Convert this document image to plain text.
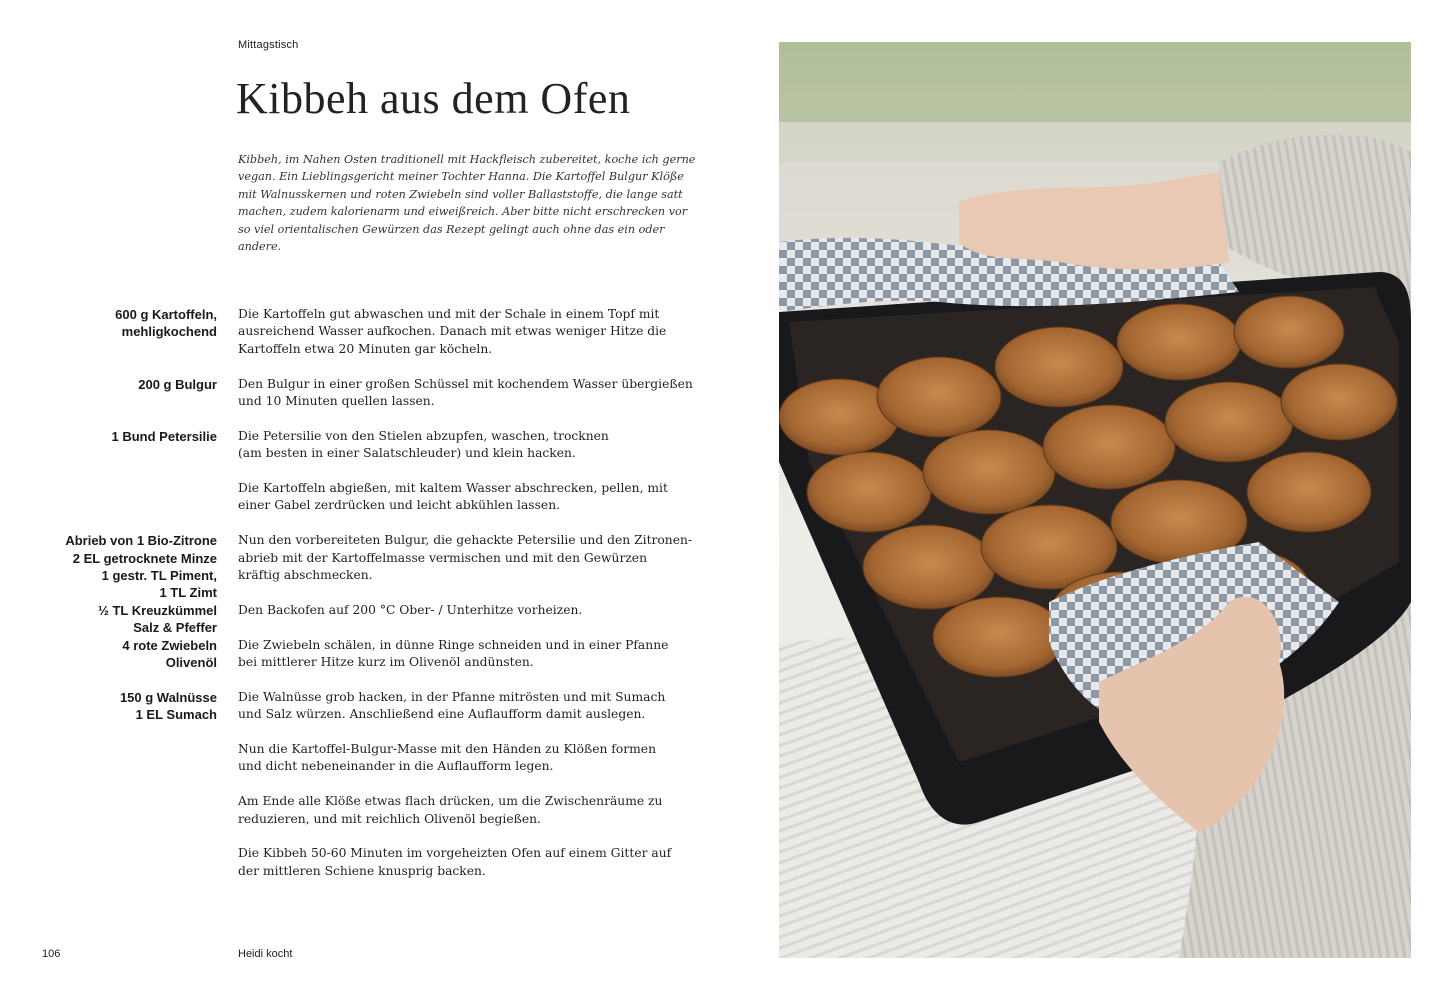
Mittagstisch
Kibbeh aus dem Ofen
Kibbeh, im Nahen Osten traditionell mit Hackfleisch zubereitet, koche ich gerne
vegan. Ein Lieblingsgericht meiner Tochter Hanna. Die Kartoffel Bulgur Klöße
mit Walnusskernen und roten Zwiebeln sind voller Ballaststoffe, die lange satt
machen, zudem kalorienarm und eiweißreich. Aber bitte nicht erschrecken vor
so viel orientalischen Gewürzen das Rezept gelingt auch ohne das ein oder
andere.
600 g Kartoffeln,
mehligkochend
Die Kartoffeln gut abwaschen und mit der Schale in einem Topf mit
ausreichend Wasser aufkochen. Danach mit etwas weniger Hitze die
Kartoffeln etwa 20 Minuten gar köcheln.
200 g Bulgur Den Bulgur in einer großen Schüssel mit kochendem Wasser übergießen
und 10 Minuten quellen lassen.
1 Bund Petersilie Die Petersilie von den Stielen abzupfen, waschen, trocknen
(am besten in einer Salatschleuder) und klein hacken.
Die Kartoffeln abgießen, mit kaltem Wasser abschrecken, pellen, mit
einer Gabel zerdrücken und leicht abkühlen lassen.
Abrieb von 1 Bio-Zitrone
2 EL getrocknete Minze
1 gestr. TL Piment,
1 TL Zimt
½ TL Kreuzkümmel
Salz & Pfeffer
Nun den vorbereiteten Bulgur, die gehackte Petersilie und den Zitronen-
abrieb mit der Kartoffelmasse vermischen und mit den Gewürzen
kräftig abschmecken.
Den Backofen auf 200 °C Ober- / Unterhitze vorheizen.
4 rote Zwiebeln
Olivenöl
Die Zwiebeln schälen, in dünne Ringe schneiden und in einer Pfanne
bei mittlerer Hitze kurz im Olivenöl andünsten.
150 g Walnüsse
1 EL Sumach
Die Walnüsse grob hacken, in der Pfanne mitrösten und mit Sumach
und Salz würzen. Anschließend eine Auflaufform damit auslegen.
Nun die Kartoffel-Bulgur-Masse mit den Händen zu Klößen formen
und dicht nebeneinander in die Auflaufform legen.
Am Ende alle Klöße etwas flach drücken, um die Zwischenräume zu
reduzieren, und mit reichlich Olivenöl begießen.
Die Kibbeh 50-60 Minuten im vorgeheizten Ofen auf einem Gitter auf
der mittleren Schiene knusprig backen.
106	Heidi kocht
